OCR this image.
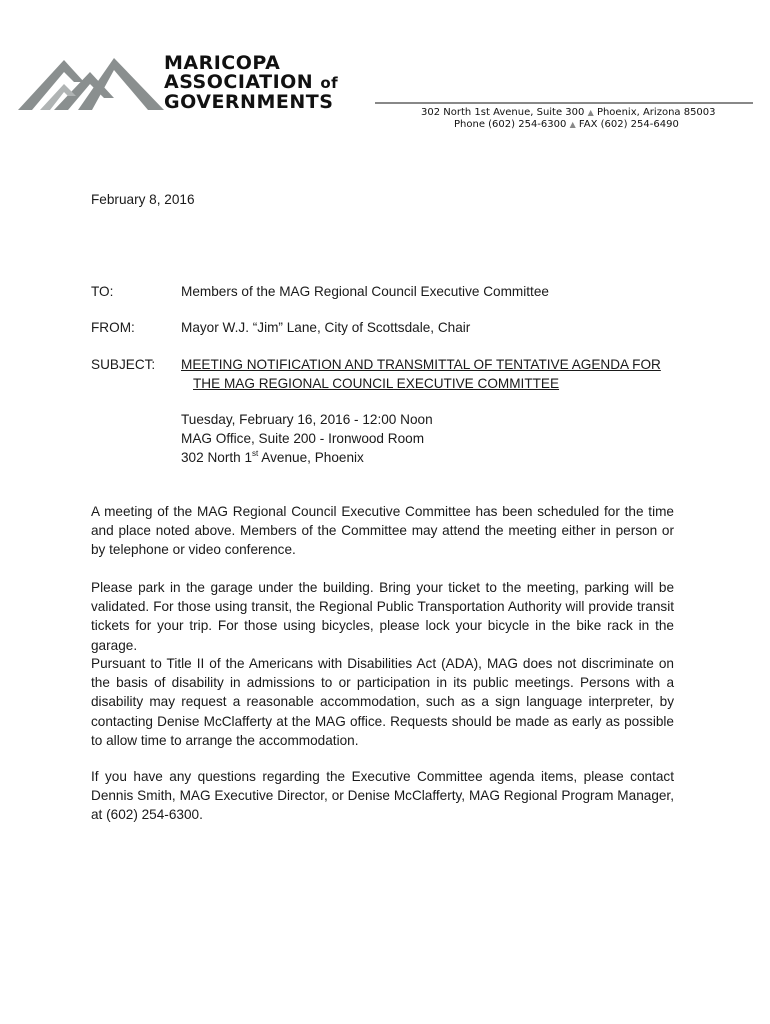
MARICOPA
ASSOCIATION of
GOVERNMENTS	302 North 1st Avenue, Suite 300 ▲ Phoenix, Arizona 85003
Phone (602) 254-6300 ▲ FAX (602) 254-6490
February 8, 2016
TO:	Members of the MAG Regional Council Executive Committee
FROM:	Mayor W.J. “Jim” Lane, City of Scottsdale, Chair
SUBJECT: MEETING NOTIFICATION AND TRANSMITTAL OF TENTATIVE AGENDA FOR
THE MAG REGIONAL COUNCIL EXECUTIVE COMMITTEE
Tuesday, February 16, 2016 - 12:00 Noon
MAG Office, Suite 200 - Ironwood Room
302 North 1st Avenue, Phoenix
A meeting of the MAG Regional Council Executive Committee has been scheduled for the time and place noted above. Members of the Committee may attend the meeting either in person or by telephone or video conference.
Please park in the garage under the building. Bring your ticket to the meeting, parking will be validated. For those using transit, the Regional Public Transportation Authority will provide transit tickets for your trip. For those using bicycles, please lock your bicycle in the bike rack in the garage.
Pursuant to Title II of the Americans with Disabilities Act (ADA), MAG does not discriminate on the basis of disability in admissions to or participation in its public meetings. Persons with a disability may request a reasonable accommodation, such as a sign language interpreter, by contacting Denise McClafferty at the MAG office. Requests should be made as early as possible to allow time to arrange the accommodation.
If you have any questions regarding the Executive Committee agenda items, please contact Dennis Smith, MAG Executive Director, or Denise McClafferty, MAG Regional Program Manager, at (602) 254-6300.
